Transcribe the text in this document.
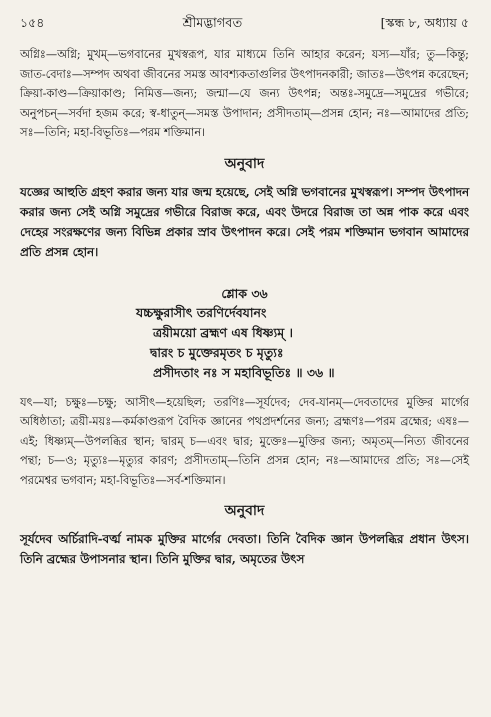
১৫৪	শ্রীমদ্ভাগবত	[স্কন্ধ ৮, অধ্যায় ৫

অগ্নিঃ—অগ্নি; মুখম্—ভগবানের মুখস্বরূপ, যার মাধ্যমে তিনি আহার করেন; যস্য—যাঁর; তু—কিন্তু; জাত-বেদাঃ—সম্পদ অথবা জীবনের সমস্ত আবশ্যকতাগুলির উৎপাদনকারী; জাতঃ—উৎপন্ন করেছেন; ক্রিয়া-কাণ্ড—ক্রিয়াকাণ্ড; নিমিত্ত—জন্য; জন্মা—যে জন্য উৎপন্ন; অন্তঃ-সমুদ্রে—সমুদ্রের গভীরে; অনুপচন্—সর্বদা হজম করে; স্ব-ধাতুন্—সমস্ত উপাদান; প্রসীদতাম্—প্রসন্ন হোন; নঃ—আমাদের প্রতি; সঃ—তিনি; মহা-বিভূতিঃ—পরম শক্তিমান।

অনুবাদ

যজ্ঞের আহুতি গ্রহণ করার জন্য যার জন্ম হয়েছে, সেই অগ্নি ভগবানের মুখস্বরূপ। সম্পদ উৎপাদন করার জন্য সেই অগ্নি সমুদ্রের গভীরে বিরাজ করে, এবং উদরে বিরাজ তা অন্ন পাক করে এবং দেহের সংরক্ষণের জন্য বিভিন্ন প্রকার স্রাব উৎপাদন করে। সেই পরম শক্তিমান ভগবান আমাদের প্রতি প্রসন্ন হোন।

শ্লোক ৩৬
যচ্চক্ষুরাসীৎ তরণির্দেবযানং
ত্রয়ীময়ো ব্রহ্মণ এষ ধিষ্ণ্যম্ ।
দ্বারং চ মুক্তেরমৃতং চ মৃত্যুঃ
প্রসীদতাং নঃ স মহাবিভূতিঃ ॥ ৩৬ ॥

যৎ—যা; চক্ষুঃ—চক্ষু; আসীৎ—হয়েছিল; তরণিঃ—সূর্যদেব; দেব-যানম্—দেবতাদের মুক্তির মার্গের অধিষ্ঠাতা; ত্রয়ী-ময়ঃ—কর্মকাণ্ডরূপ বৈদিক জ্ঞানের পথপ্রদর্শনের জন্য; ব্রহ্মণঃ—পরম ব্রহ্মের; এষঃ—এই; ধিষ্ণ্যম্—উপলব্ধির স্থান; দ্বারম্ চ—এবং দ্বার; মুক্তেঃ—মুক্তির জন্য; অমৃতম্—নিত্য জীবনের পন্থা; চ—ও; মৃত্যুঃ—মৃত্যুর কারণ; প্রসীদতাম্—তিনি প্রসন্ন হোন; নঃ—আমাদের প্রতি; সঃ—সেই পরমেশ্বর ভগবান; মহা-বিভূতিঃ—সর্ব-শক্তিমান।

অনুবাদ

সূর্যদেব অর্চিরাদি-বর্ত্ম নামক মুক্তির মার্গের দেবতা। তিনি বৈদিক জ্ঞান উপলব্ধির প্রধান উৎস। তিনি ব্রহ্মের উপাসনার স্থান। তিনি মুক্তির দ্বার, অমৃতের উৎস
